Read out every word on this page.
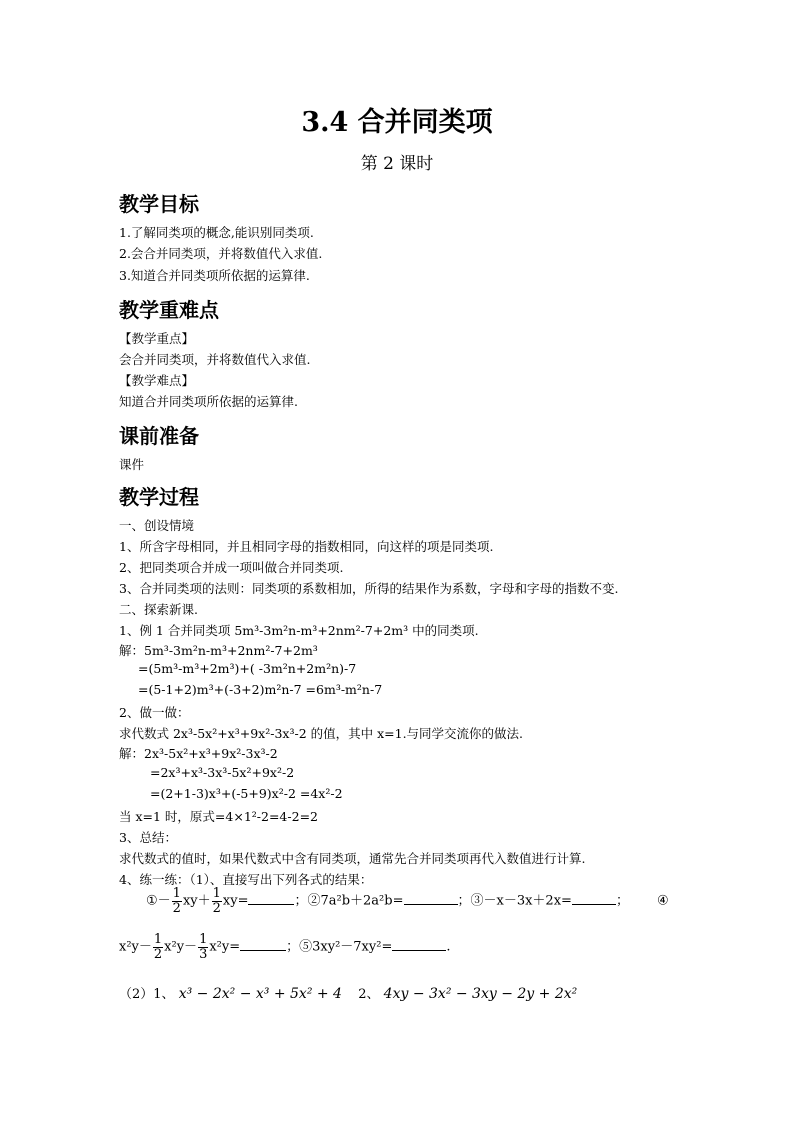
3.4 合并同类项
第 2 课时
教学目标
1.了解同类项的概念,能识别同类项.
2.会合并同类项，并将数值代入求值.
3.知道合并同类项所依据的运算律.
教学重难点
【教学重点】
会合并同类项，并将数值代入求值.
【教学难点】
知道合并同类项所依据的运算律.
课前准备
课件
教学过程
一、创设情境
1、所含字母相同，并且相同字母的指数相同，向这样的项是同类项.
2、把同类项合并成一项叫做合并同类项.
3、合并同类项的法则：同类项的系数相加，所得的结果作为系数，字母和字母的指数不变.
二、探索新课.
1、例 1 合并同类项 5m³-3m²n-m³+2nm²-7+2m³ 中的同类项.
解：5m³-3m²n-m³+2nm²-7+2m³
=(5m³-m³+2m³)+( -3m²n+2m²n)-7
=(5-1+2)m³+(-3+2)m²n-7 =6m³-m²n-7
2、做一做：
求代数式 2x³-5x²+x³+9x²-3x³-2 的值，其中 x=1.与同学交流你的做法.
解：2x³-5x²+x³+9x²-3x³-2
=2x³+x³-3x³-5x²+9x²-2
=(2+1-3)x³+(-5+9)x²-2 =4x²-2
当 x=1 时，原式=4×1²-2=4-2=2
3、总结：
求代数式的值时，如果代数式中含有同类项，通常先合并同类项再代入数值进行计算.
4、练一练：（1）、直接写出下列各式的结果：
①－ $\frac{1}{2} xy+ \frac{1}{2} xy=$	；②7a²b＋2a²b=	；③－x－3x＋2x=	； ④
$x^2y- \frac{1}{2} x^2y- \frac{1}{3} x^2y=$	；⑤3xy²－7xy²=	.
（2）1、 x³ − 2x² − x³ + 5x² + 4 2、 4xy − 3x² − 3xy − 2y + 2x²
